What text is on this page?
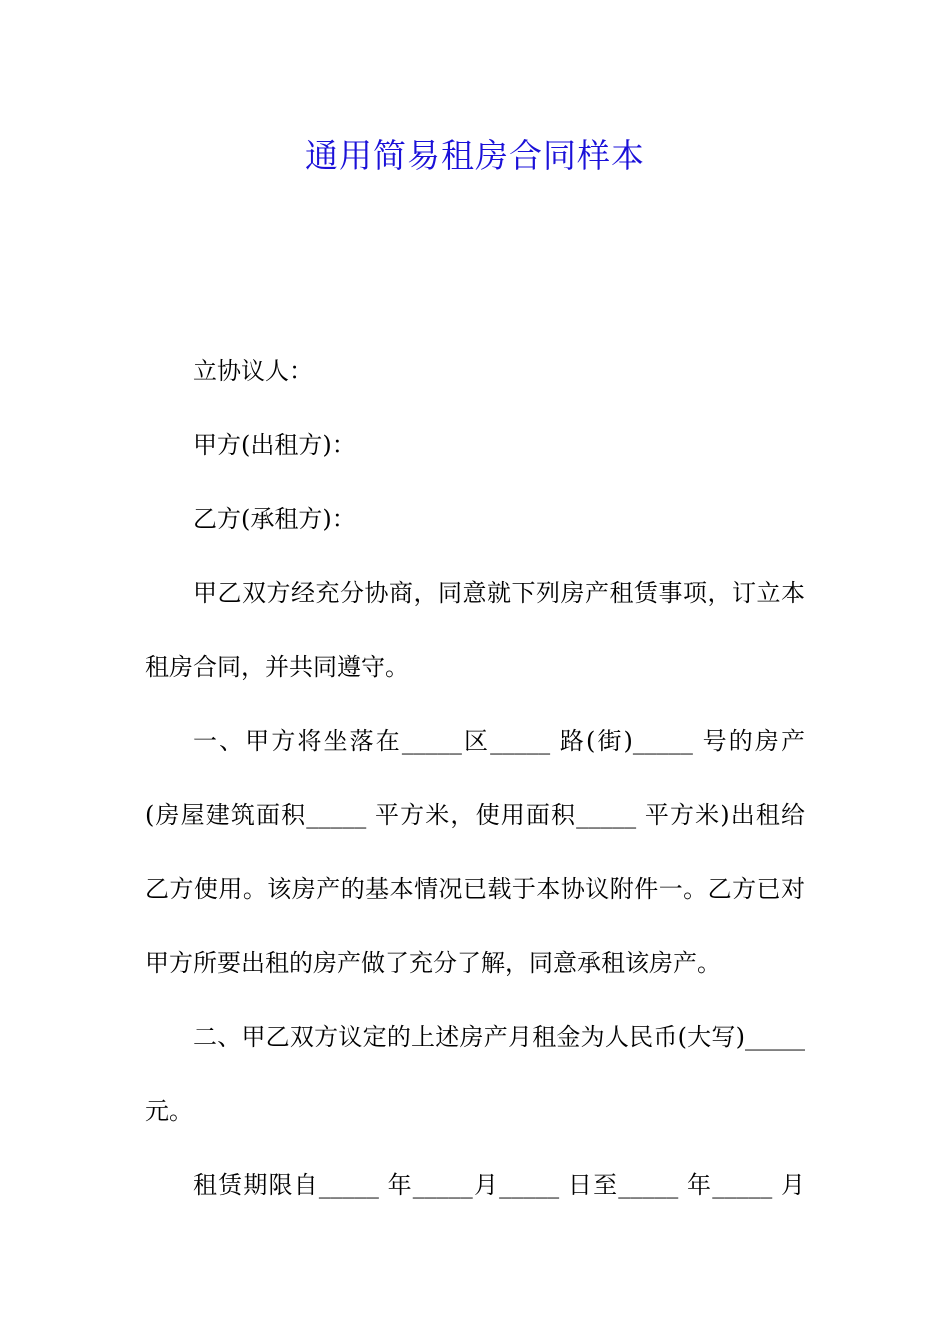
通用简易租房合同样本

立协议人：

甲方(出租方)：

乙方(承租方)：

甲乙双方经充分协商，同意就下列房产租赁事项，订立本

租房合同，并共同遵守。

一、甲方将坐落在_____区_____ 路(街)_____ 号的房产

(房屋建筑面积_____ 平方米，使用面积_____ 平方米)出租给

乙方使用。该房产的基本情况已载于本协议附件一。乙方已对

甲方所要出租的房产做了充分了解，同意承租该房产。

二、甲乙双方议定的上述房产月租金为人民币(大写)_____

元。

租赁期限自_____ 年_____月_____ 日至_____ 年_____ 月
